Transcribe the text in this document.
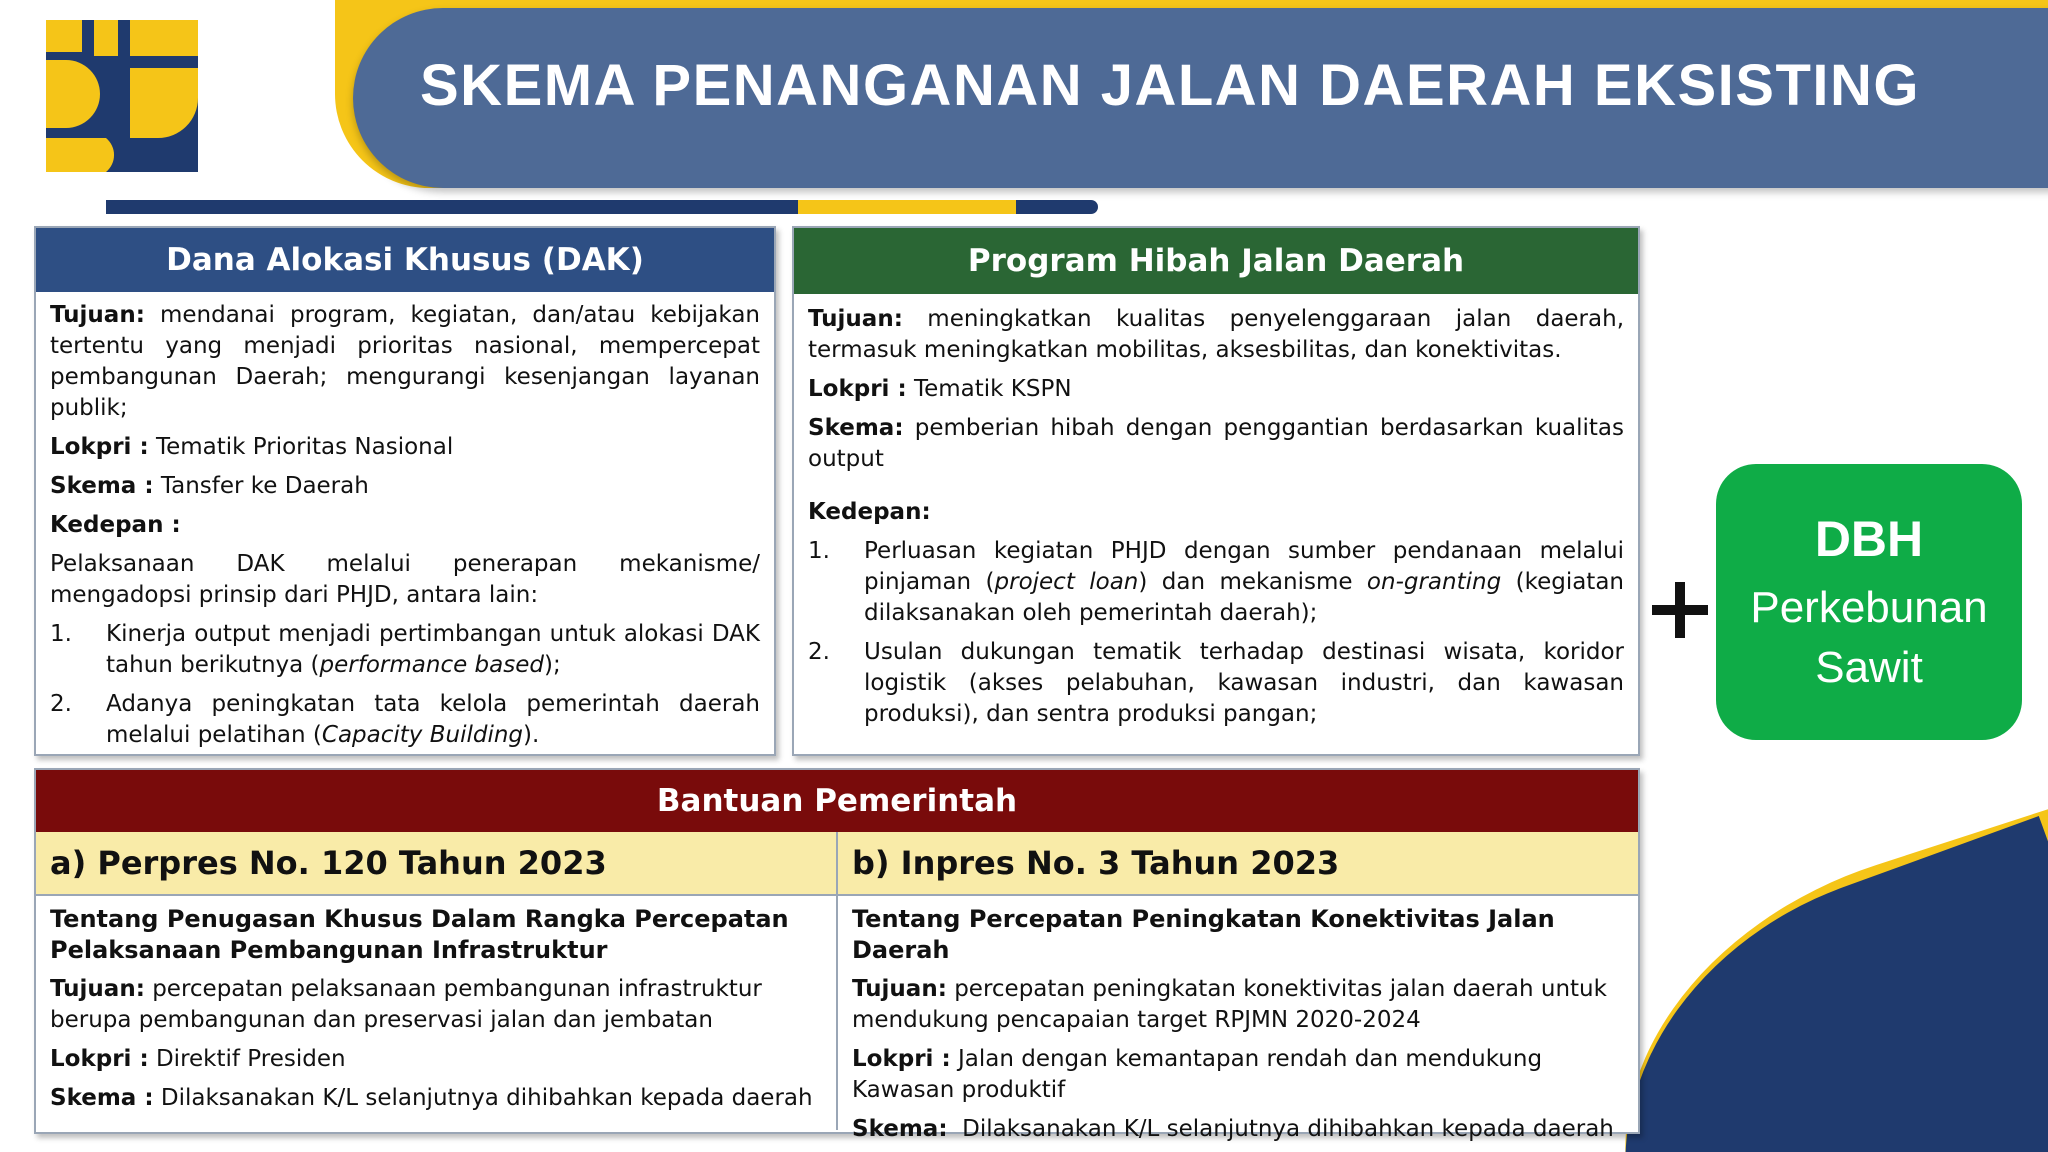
SKEMA PENANGANAN JALAN DAERAH EKSISTING
Dana Alokasi Khusus (DAK)

Tujuan: mendanai program, kegiatan, dan/atau kebijakan tertentu yang menjadi prioritas nasional, mempercepat pembangunan Daerah; mengurangi kesenjangan layanan publik;

Lokpri : Tematik Prioritas Nasional

Skema : Tansfer ke Daerah

Kedepan :

Pelaksanaan DAK melalui penerapan mekanisme/ mengadopsi prinsip dari PHJD, antara lain:

1.	Kinerja output menjadi pertimbangan untuk alokasi DAK tahun berikutnya (performance based);
2.	Adanya peningkatan tata kelola pemerintah daerah melalui pelatihan (Capacity Building).
Program Hibah Jalan Daerah

Tujuan: meningkatkan kualitas penyelenggaraan jalan daerah, termasuk meningkatkan mobilitas, aksesbilitas, dan konektivitas.

Lokpri : Tematik KSPN

Skema: pemberian hibah dengan penggantian berdasarkan kualitas output

Kedepan:

1.	Perluasan kegiatan PHJD dengan sumber pendanaan melalui pinjaman (project loan) dan mekanisme on-granting (kegiatan dilaksanakan oleh pemerintah daerah);
2.	Usulan dukungan tematik terhadap destinasi wisata, koridor logistik (akses pelabuhan, kawasan industri, dan kawasan produksi), dan sentra produksi pangan;
Bantuan Pemerintah
a) Perpres No. 120 Tahun 2023
Tentang Penugasan Khusus Dalam Rangka Percepatan Pelaksanaan Pembangunan Infrastruktur

Tujuan: percepatan pelaksanaan pembangunan infrastruktur berupa pembangunan dan preservasi jalan dan jembatan

Lokpri : Direktif Presiden

Skema : Dilaksanakan K/L selanjutnya dihibahkan kepada daerah

b) Inpres No. 3 Tahun 2023
Tentang Percepatan Peningkatan Konektivitas Jalan Daerah

Tujuan: percepatan peningkatan konektivitas jalan daerah untuk mendukung pencapaian target RPJMN 2020-2024

Lokpri : Jalan dengan kemantapan rendah dan mendukung Kawasan produktif

Skema:  Dilaksanakan K/L selanjutnya dihibahkan kepada daerah

DBH
Perkebunan
Sawit
